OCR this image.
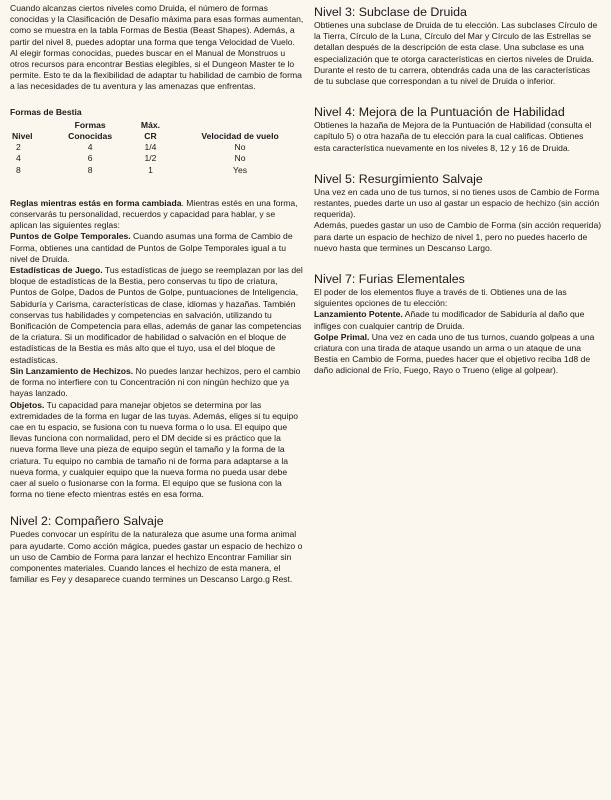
Cuando alcanzas ciertos niveles como Druida, el número de formas conocidas y la Clasificación de Desafío máxima para esas formas aumentan, como se muestra en la tabla Formas de Bestia (Beast Shapes). Además, a partir del nivel 8, puedes adoptar una forma que tenga Velocidad de Vuelo. Al elegir formas conocidas, puedes buscar en el Manual de Monstruos u otros recursos para encontrar Bestias elegibles, si el Dungeon Master te lo permite. Esto te da la flexibilidad de adaptar tu habilidad de cambio de forma a las necesidades de tu aventura y las amenazas que enfrentas.

Formas de Bestia

	Formas	Máx.	
Nivel	Conocidas	CR	Velocidad de vuelo
2	4	1/4	No
4	6	1/2	No
8	8	1	Yes

Reglas mientras estás en forma cambiada. Mientras estés en una forma, conservarás tu personalidad, recuerdos y capacidad para hablar, y se aplican las siguientes reglas:

Puntos de Golpe Temporales. Cuando asumas una forma de Cambio de Forma, obtienes una cantidad de Puntos de Golpe Temporales igual a tu nivel de Druida.

Estadísticas de Juego. Tus estadísticas de juego se reemplazan por las del bloque de estadísticas de la Bestia, pero conservas tu tipo de criatura, Puntos de Golpe, Dados de Puntos de Golpe, puntuaciones de Inteligencia, Sabiduría y Carisma, características de clase, idiomas y hazañas. También conservas tus habilidades y competencias en salvación, utilizando tu Bonificación de Competencia para ellas, además de ganar las competencias de la criatura. Si un modificador de habilidad o salvación en el bloque de estadísticas de la Bestia es más alto que el tuyo, usa el del bloque de estadísticas.

Sin Lanzamiento de Hechizos. No puedes lanzar hechizos, pero el cambio de forma no interfiere con tu Concentración ni con ningún hechizo que ya hayas lanzado.

Objetos. Tu capacidad para manejar objetos se determina por las extremidades de la forma en lugar de las tuyas. Además, eliges si tu equipo cae en tu espacio, se fusiona con tu nueva forma o lo usa. El equipo que llevas funciona con normalidad, pero el DM decide si es práctico que la nueva forma lleve una pieza de equipo según el tamaño y la forma de la criatura. Tu equipo no cambia de tamaño ni de forma para adaptarse a la nueva forma, y cualquier equipo que la nueva forma no pueda usar debe caer al suelo o fusionarse con la forma. El equipo que se fusiona con la forma no tiene efecto mientras estés en esa forma.

Nivel 2: Compañero Salvaje

Puedes convocar un espíritu de la naturaleza que asume una forma animal para ayudarte. Como acción mágica, puedes gastar un espacio de hechizo o un uso de Cambio de Forma para lanzar el hechizo Encontrar Familiar sin componentes materiales. Cuando lances el hechizo de esta manera, el familiar es Fey y desaparece cuando termines un Descanso Largo.g Rest.

Nivel 3: Subclase de Druida

Obtienes una subclase de Druida de tu elección. Las subclases Círculo de la Tierra, Círculo de la Luna, Círculo del Mar y Círculo de las Estrellas se detallan después de la descripción de esta clase. Una subclase es una especialización que te otorga características en ciertos niveles de Druida. Durante el resto de tu carrera, obtendrás cada una de las características de tu subclase que correspondan a tu nivel de Druida o inferior.

Nivel 4: Mejora de la Puntuación de Habilidad

Obtienes la hazaña de Mejora de la Puntuación de Habilidad (consulta el capítulo 5) o otra hazaña de tu elección para la cual califica​s. Obtienes esta característica nuevamente en los niveles 8, 12 y 16 de Druida.

Nivel 5: Resurgimiento Salvaje

Una vez en cada uno de tus turnos, si no tienes usos de Cambio de Forma restantes, puedes darte un uso al gastar un espacio de hechizo (sin acción requerida).

Además, puedes gastar un uso de Cambio de Forma (sin acción requerida) para darte un espacio de hechizo de nivel 1, pero no puedes hacerlo de nuevo hasta que termines un Descanso Largo.

Nivel 7: Furias Elementales

El poder de los elementos fluye a través de ti. Obtienes una de las siguientes opciones de tu elección:

Lanzamiento Potente. Añade tu modificador de Sabiduría al daño que infliges con cualquier cantrip de Druida.

Golpe Primal. Una vez en cada uno de tus turnos, cuando golpeas a una criatura con una tirada de ataque usando un arma o un ataque de una Bestia en Cambio de Forma, puedes hacer que el objetivo reciba 1d8 de daño adicional de Frío, Fuego, Rayo o Trueno (elige al golpear).
